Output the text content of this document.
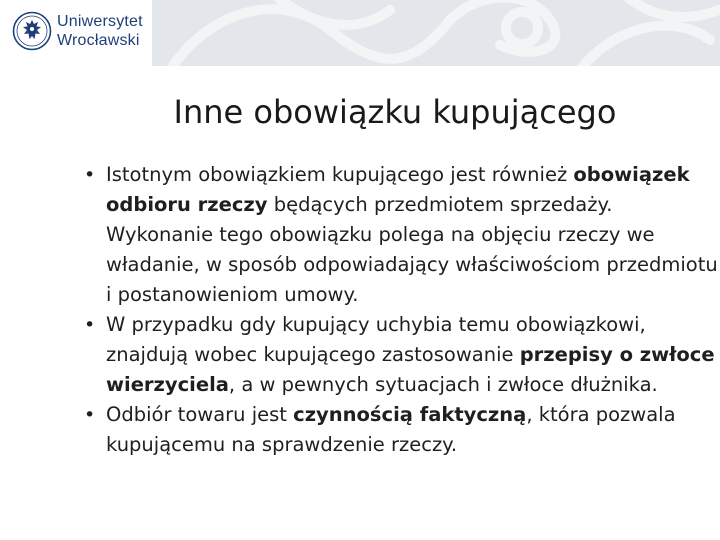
Uniwersytet
Wrocławski
Inne obowiązku kupującego
• Istotnym obowiązkiem kupującego jest również obowiązek odbioru rzeczy będących przedmiotem sprzedaży. Wykonanie tego obowiązku polega na objęciu rzeczy we władanie, w sposób odpowiadający właściwościom przedmiotu i postanowieniom umowy.
• W przypadku gdy kupujący uchybia temu obowiązkowi, znajdują wobec kupującego zastosowanie przepisy o zwłoce wierzyciela, a w pewnych sytuacjach i zwłoce dłużnika.
• Odbiór towaru jest czynnością faktyczną, która pozwala kupującemu na sprawdzenie rzeczy.
